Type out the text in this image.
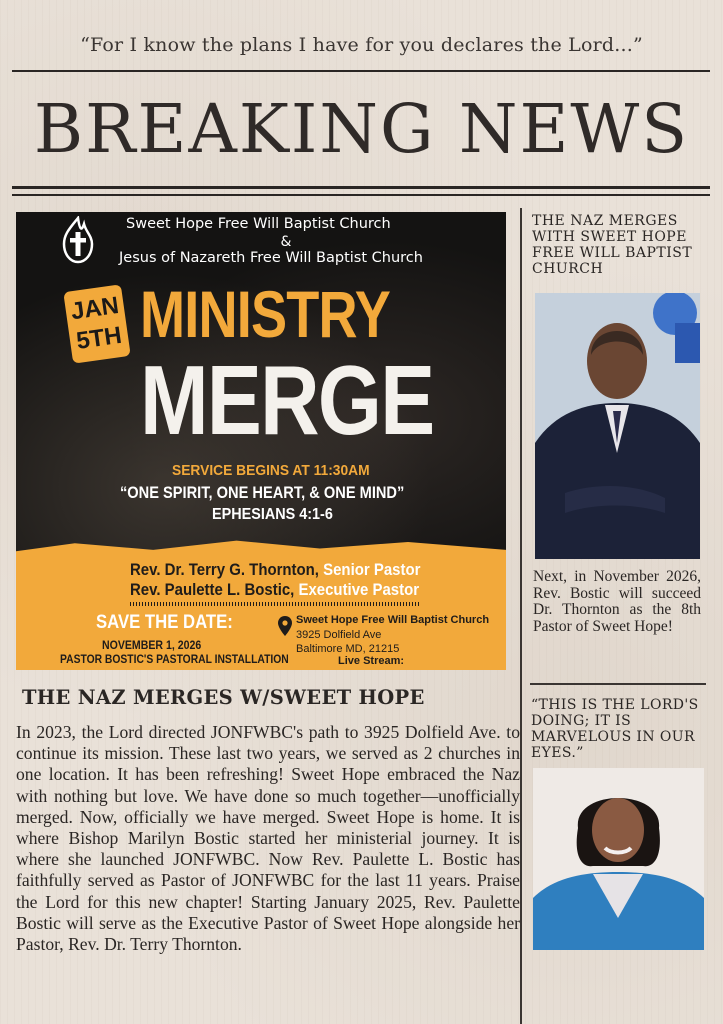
“For I know the plans I have for you declares the Lord...”
BREAKING NEWS
Sweet Hope Free Will Baptist Church
&
Jesus of Nazareth Free Will Baptist Church
JAN
5TH MINISTRY
MERGE
SERVICE BEGINS AT 11:30AM
“ONE SPIRIT, ONE HEART, & ONE MIND”
EPHESIANS 4:1-6
Rev. Dr. Terry G. Thornton, Senior Pastor
Rev. Paulette L. Bostic, Executive Pastor
SAVE THE DATE:
NOVEMBER 1, 2026
PASTOR BOSTIC'S PASTORAL INSTALLATION
Sweet Hope Free Will Baptist Church
3925 Dolfield Ave
Baltimore MD, 21215
Live Stream:
THE NAZ MERGES W/SWEET HOPE
In 2023, the Lord directed JONFWBC's path to 3925 Dolfield Ave. to continue its mission. These last two years, we served as 2 churches in one location. It has been refreshing! Sweet Hope embraced the Naz with nothing but love. We have done so much together—unofficially merged. Now, officially we have merged. Sweet Hope is home. It is where Bishop Marilyn Bostic started her ministerial journey. It is where she launched JONFWBC. Now Rev. Paulette L. Bostic has faithfully served as Pastor of JONFWBC for the last 11 years. Praise the Lord for this new chapter! Starting January 2025, Rev. Paulette Bostic will serve as the Executive Pastor of Sweet Hope alongside her Pastor, Rev. Dr. Terry Thornton.
THE NAZ MERGES WITH SWEET HOPE FREE WILL BAPTIST CHURCH
Next, in November 2026, Rev. Bostic will succeed Dr. Thornton as the 8th Pastor of Sweet Hope!
“THIS IS THE LORD'S DOING; IT IS MARVELOUS IN OUR EYES.”
